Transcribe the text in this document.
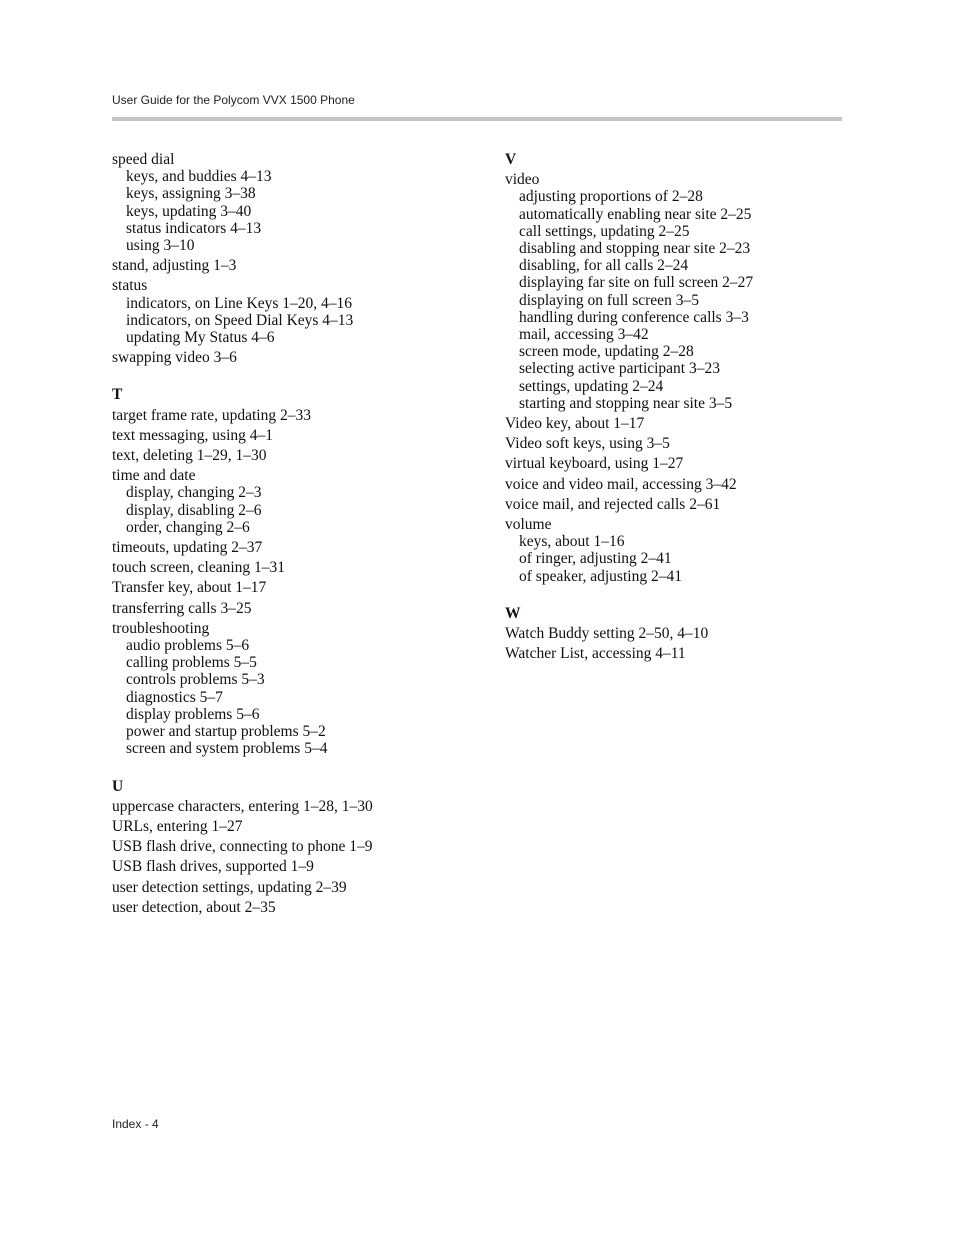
User Guide for the Polycom VVX 1500 Phone
speed dial
keys, and buddies 4–13
keys, assigning 3–38
keys, updating 3–40
status indicators 4–13
using 3–10
stand, adjusting 1–3
status
indicators, on Line Keys 1–20, 4–16
indicators, on Speed Dial Keys 4–13
updating My Status 4–6
swapping video 3–6
T
target frame rate, updating 2–33
text messaging, using 4–1
text, deleting 1–29, 1–30
time and date
display, changing 2–3
display, disabling 2–6
order, changing 2–6
timeouts, updating 2–37
touch screen, cleaning 1–31
Transfer key, about 1–17
transferring calls 3–25
troubleshooting
audio problems 5–6
calling problems 5–5
controls problems 5–3
diagnostics 5–7
display problems 5–6
power and startup problems 5–2
screen and system problems 5–4
U
uppercase characters, entering 1–28, 1–30
URLs, entering 1–27
USB flash drive, connecting to phone 1–9
USB flash drives, supported 1–9
user detection settings, updating 2–39
user detection, about 2–35
V
video
adjusting proportions of 2–28
automatically enabling near site 2–25
call settings, updating 2–25
disabling and stopping near site 2–23
disabling, for all calls 2–24
displaying far site on full screen 2–27
displaying on full screen 3–5
handling during conference calls 3–3
mail, accessing 3–42
screen mode, updating 2–28
selecting active participant 3–23
settings, updating 2–24
starting and stopping near site 3–5
Video key, about 1–17
Video soft keys, using 3–5
virtual keyboard, using 1–27
voice and video mail, accessing 3–42
voice mail, and rejected calls 2–61
volume
keys, about 1–16
of ringer, adjusting 2–41
of speaker, adjusting 2–41
W
Watch Buddy setting 2–50, 4–10
Watcher List, accessing 4–11
Index - 4
